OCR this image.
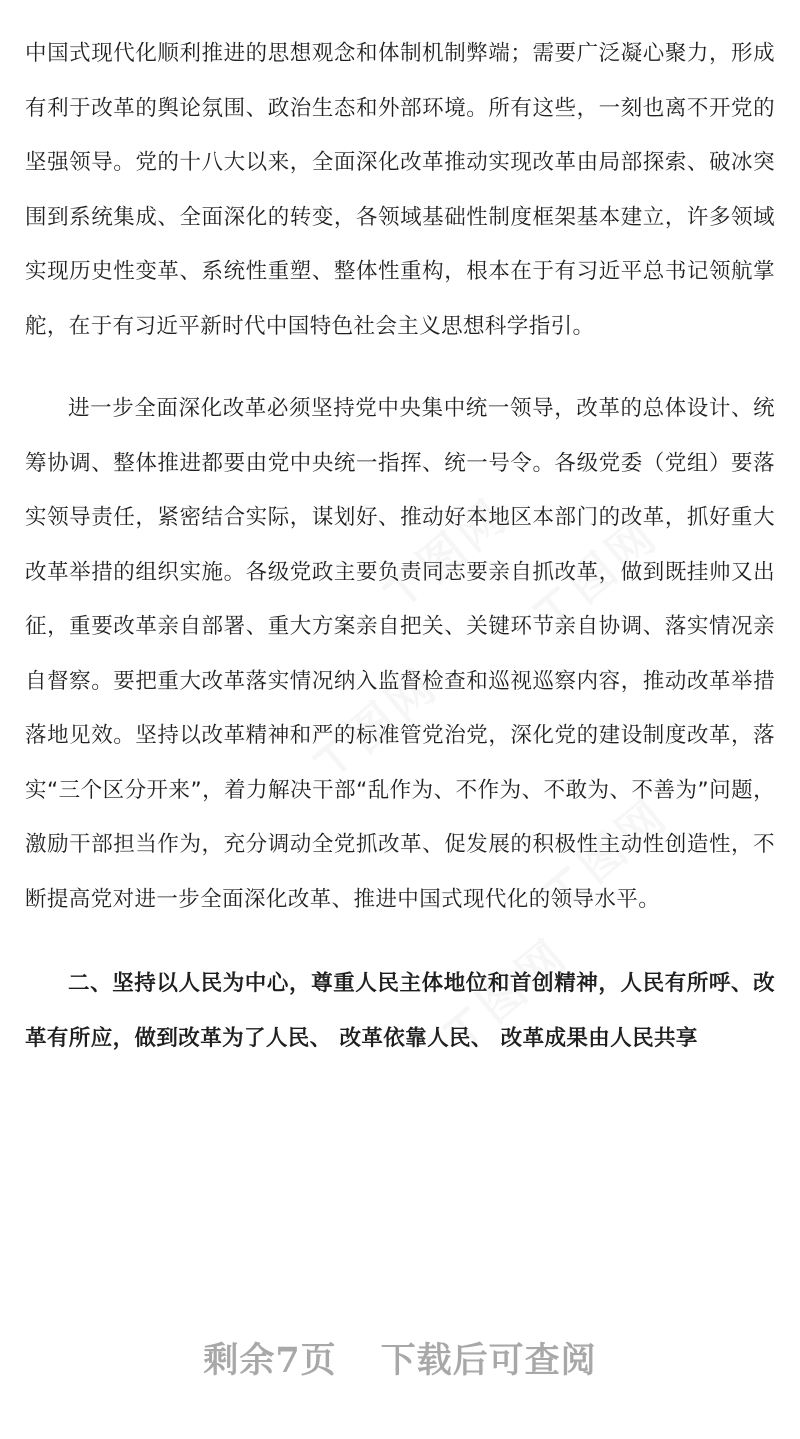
中国式现代化顺利推进的思想观念和体制机制弊端；需要广泛凝心聚力，形成有利于改革的舆论氛围、政治生态和外部环境。所有这些，一刻也离不开党的坚强领导。党的十八大以来，全面深化改革推动实现改革由局部探索、破冰突围到系统集成、全面深化的转变，各领域基础性制度框架基本建立，许多领域实现历史性变革、系统性重塑、整体性重构，根本在于有习近平总书记领航掌舵，在于有习近平新时代中国特色社会主义思想科学指引。

进一步全面深化改革必须坚持党中央集中统一领导，改革的总体设计、统筹协调、整体推进都要由党中央统一指挥、统一号令。各级党委（党组）要落实领导责任，紧密结合实际，谋划好、推动好本地区本部门的改革，抓好重大改革举措的组织实施。各级党政主要负责同志要亲自抓改革，做到既挂帅又出征，重要改革亲自部署、重大方案亲自把关、关键环节亲自协调、落实情况亲自督察。要把重大改革落实情况纳入监督检查和巡视巡察内容，推动改革举措落地见效。坚持以改革精神和严的标准管党治党，深化党的建设制度改革，落实“三个区分开来”，着力解决干部“乱作为、不作为、不敢为、不善为”问题，激励干部担当作为，充分调动全党抓改革、促发展的积极性主动性创造性，不断提高党对进一步全面深化改革、推进中国式现代化的领导水平。

二、坚持以人民为中心，尊重人民主体地位和首创精神，人民有所呼、改革有所应，做到改革为了人民、 改革依靠人民、 改革成果由人民共享

剩余7页 下载后可查阅
